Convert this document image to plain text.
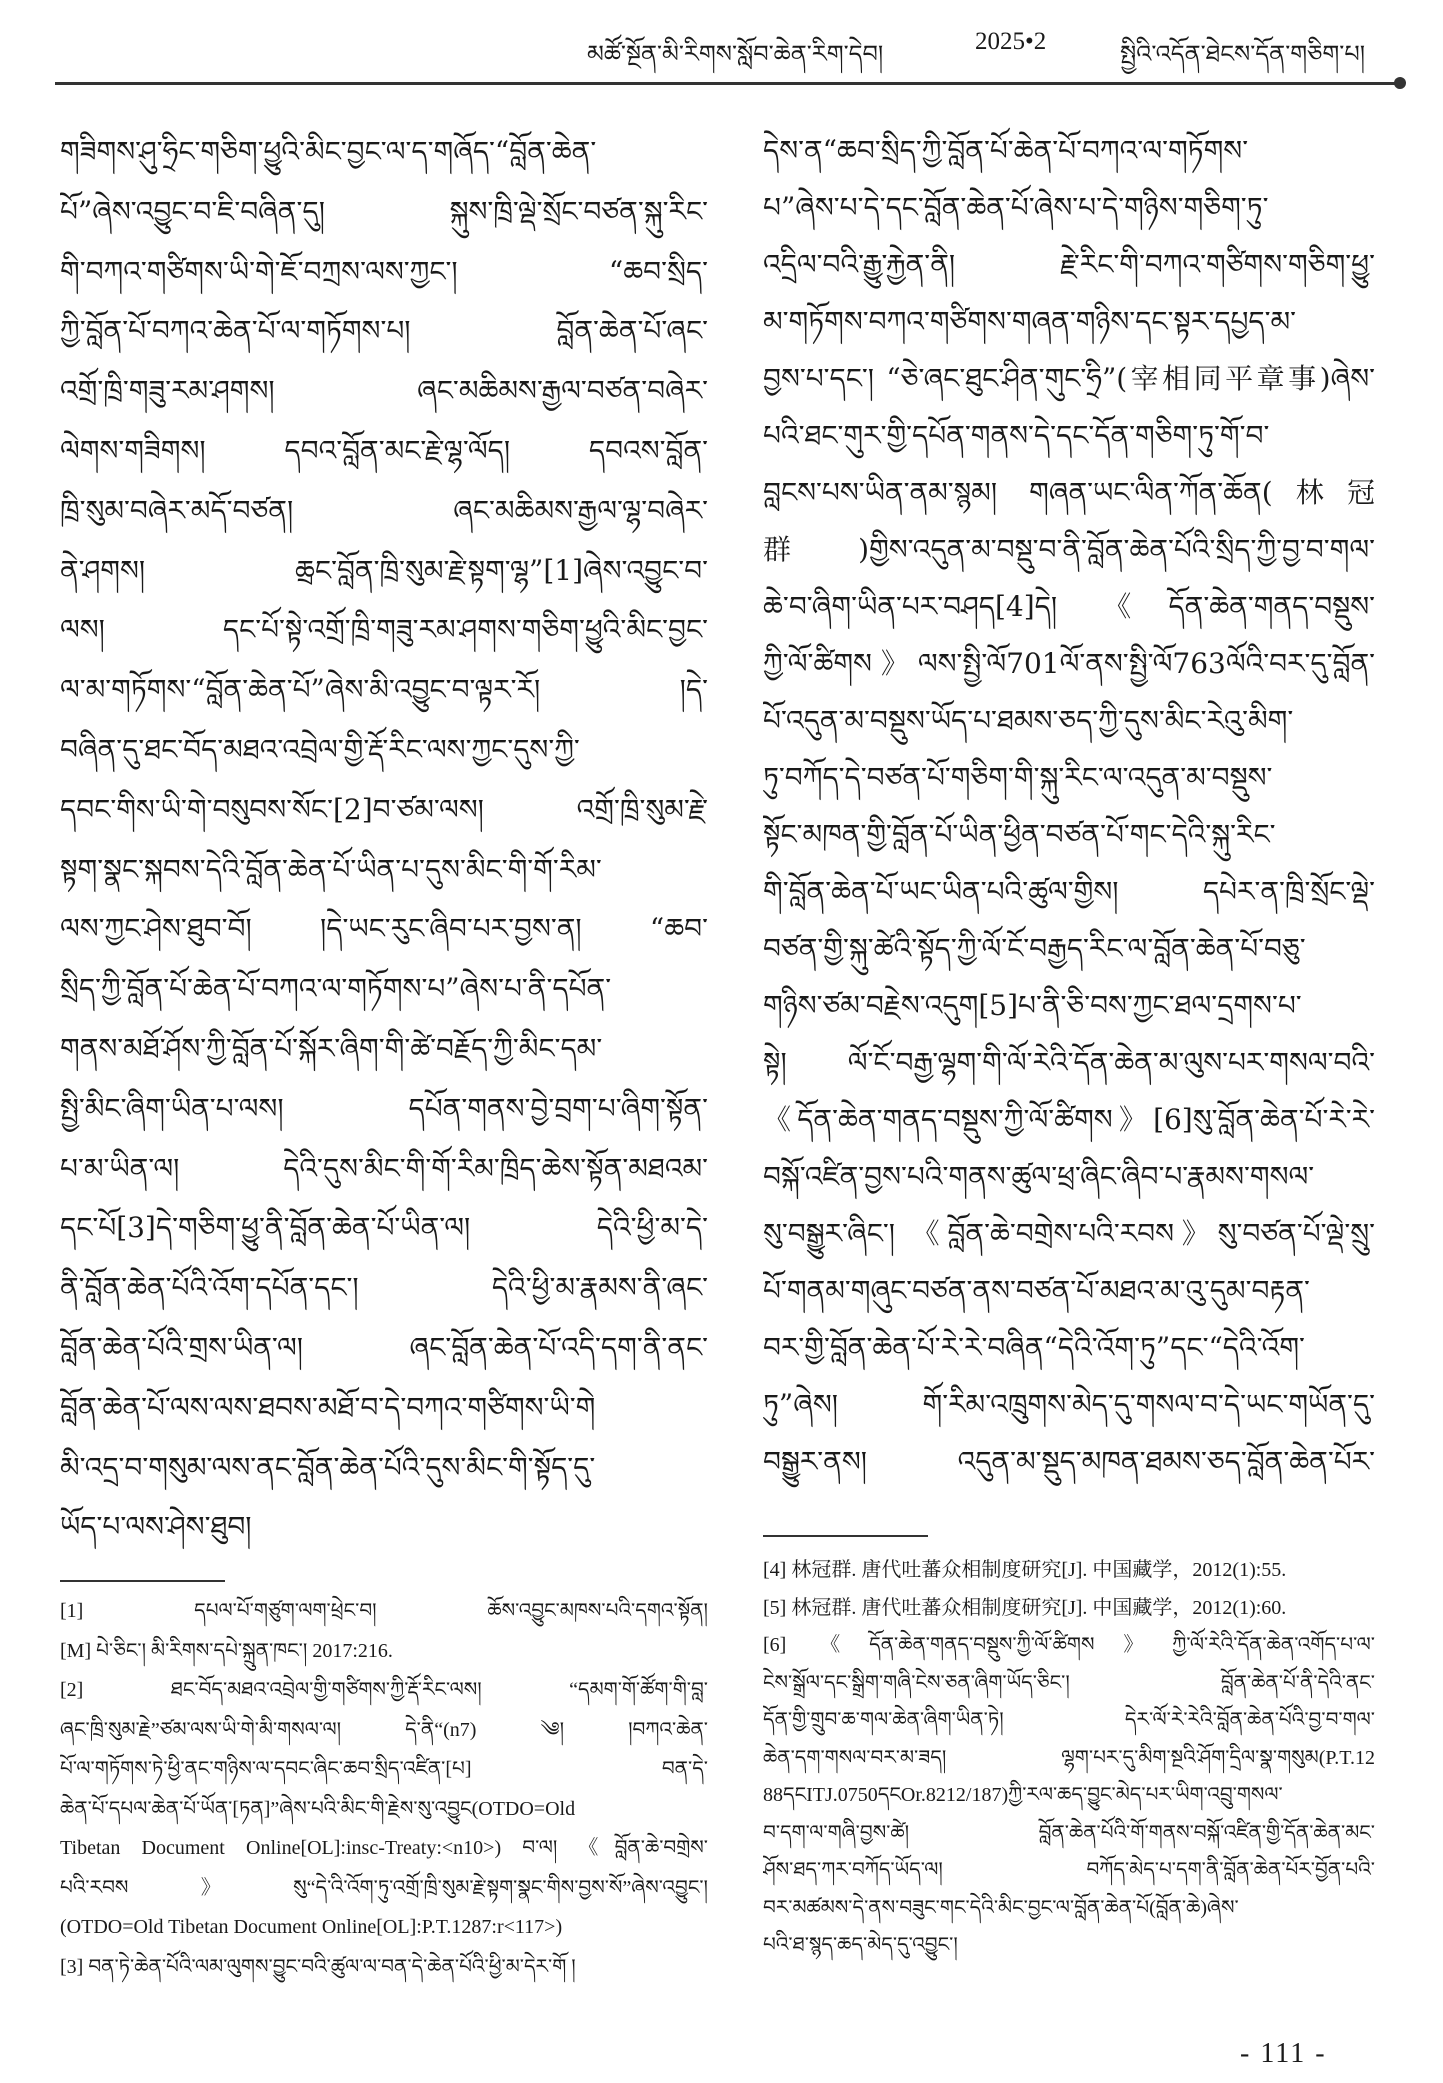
མཚོ་སྔོན་མི་རིགས་སློབ་ཆེན་རིག་དེབ།	2025•2	སྤྱིའི་འདོན་ཐེངས་དོན་གཅིག་པ།
གཟིགས་ཤུ་ཧྲིང་གཅིག་ཕྱུའི་མིང་བྱང་ལ་ད་གཞོད་“བློན་ཆེན་
པོ”ཞེས་འབྱུང་བ་ཇི་བཞིན་དུ། སྐུས་ཁྲི་ལྡེ་སྲོང་བཙན་སྐུ་རིང་
གི་བཀའ་གཙིགས་ཡི་གེ་ཇོ་བཀྲས་ལས་ཀྱང་། “ཆབ་སྲིད་
ཀྱི་བློན་པོ་བཀའ་ཆེན་པོ་ལ་གཏོགས་པ། བློན་ཆེན་པོ་ཞང་
འགྲོ་ཁྲི་གཟུ་རམ་ཤགས། ཞང་མཆིམས་རྒྱལ་བཙན་བཞེར་
ལེགས་གཟིགས། དབའ་བློན་མང་རྗེ་ལྷ་ལོད། དབའས་བློན་
ཁྲི་སུམ་བཞེར་མདོ་བཙན། ཞང་མཆིམས་རྒྱལ་ལྷ་བཞེར་
ནེ་ཤགས། ཆྲང་བློན་ཁྲི་སུམ་རྗེ་སྟག་ལྷ”[1]ཞེས་འབྱུང་བ་
ལས། དང་པོ་སྟེ་འགྲོ་ཁྲི་གཟུ་རམ་ཤགས་གཅིག་ཕྱུའི་མིང་བྱང་
ལ་མ་གཏོགས་“བློན་ཆེན་པོ”ཞེས་མི་འབྱུང་བ་ལྟར་རོ། །དེ་
བཞིན་དུ་ཐང་བོད་མཐའ་འབྲེལ་གྱི་རྡོ་རིང་ལས་ཀྱང་དུས་ཀྱི་
དབང་གིས་ཡི་གེ་བསུབས་སོང་[2]བ་ཙམ་ལས། འགྲོ་ཁྲི་སུམ་རྗེ་
སྟག་སྣང་སྐབས་དེའི་བློན་ཆེན་པོ་ཡིན་པ་དུས་མིང་གི་གོ་རིམ་
ལས་ཀྱང་ཤེས་ཐུབ་བོ། །དེ་ཡང་རུང་ཞིབ་པར་བྱས་ན། “ཆབ་
སྲིད་ཀྱི་བློན་པོ་ཆེན་པོ་བཀའ་ལ་གཏོགས་པ”ཞེས་པ་ནི་དཔོན་
གནས་མཐོ་ཤོས་ཀྱི་བློན་པོ་སྐོར་ཞིག་གི་ཚེ་བརྗོད་ཀྱི་མིང་དམ་
སྤྱི་མིང་ཞིག་ཡིན་པ་ལས། དཔོན་གནས་བྱེ་བྲག་པ་ཞིག་སྟོན་
པ་མ་ཡིན་ལ། དེའི་དུས་མིང་གི་གོ་རིམ་ཁྲིད་ཆེས་སྟོན་མཐའམ་
དང་པོ[3]དེ་གཅིག་ཕྱུ་ནི་བློན་ཆེན་པོ་ཡིན་ལ། དེའི་ཕྱི་མ་དེ་
ནི་བློན་ཆེན་པོའི་འོག་དཔོན་དང་། དེའི་ཕྱི་མ་རྣམས་ནི་ཞང་
བློན་ཆེན་པོའི་གྲས་ཡིན་ལ། ཞང་བློན་ཆེན་པོ་འདི་དག་ནི་ནང་
བློན་ཆེན་པོ་ལས་ལས་ཐབས་མཐོ་བ་དེ་བཀའ་གཙིགས་ཡི་གེ
མི་འདྲ་བ་གསུམ་ལས་ནང་བློན་ཆེན་པོའི་དུས་མིང་གི་སྟོད་དུ་
ཡོད་པ་ལས་ཤེས་ཐུབ།
དེས་ན“ཆབ་སྲིད་ཀྱི་བློན་པོ་ཆེན་པོ་བཀའ་ལ་གཏོགས་
པ”ཞེས་པ་དེ་དང་བློན་ཆེན་པོ་ཞེས་པ་དེ་གཉིས་གཅིག་ཏུ་
འདྲིལ་བའི་རྒྱུ་རྐྱེན་ནི། རྗེ་རིང་གི་བཀའ་གཙིགས་གཅིག་ཕྱུ་
མ་གཏོགས་བཀའ་གཙིགས་གཞན་གཉིས་དང་སྟར་དཔྱད་མ་
བྱས་པ་དང་། “ཅེ་ཞང་ཐུང་ཤིན་གུང་ཧྲི”(宰相同平章事)ཞེས་
པའི་ཐང་གུར་གྱི་དཔོན་གནས་དེ་དང་དོན་གཅིག་ཏུ་གོ་བ་
བླངས་པས་ཡིན་ནམ་སྙམ། གཞན་ཡང་ལིན་ཀོན་ཆོན(林冠
群)གྱིས་འདུན་མ་བསྡུ་བ་ནི་བློན་ཆེན་པོའི་སྲིད་ཀྱི་བྱ་བ་གལ་
ཆེ་བ་ཞིག་ཡིན་པར་བཤད[4]དེ། 《དོན་ཆེན་གནད་བསྡུས་
ཀྱི་ལོ་ཚིགས》ལས་སྤྱི་ལོ701ལོ་ནས་སྤྱི་ལོ763ལོའི་བར་དུ་བློན་
པོ་འདུན་མ་བསྡུས་ཡོད་པ་ཐམས་ཅད་ཀྱི་དུས་མིང་རེའུ་མིག་
ཏུ་བཀོད་དེ་བཙན་པོ་གཅིག་གི་སྐུ་རིང་ལ་འདུན་མ་བསྡུས་
སྟོང་མཁན་གྱི་བློན་པོ་ཡིན་ཕྱིན་བཙན་པོ་གང་དེའི་སྐུ་རིང་
གི་བློན་ཆེན་པོ་ཡང་ཡིན་པའི་ཚུལ་གྱིས། དཔེར་ན་ཁྲི་སྲོང་ལྡེ་
བཙན་གྱི་སྐུ་ཚེའི་སྟོད་ཀྱི་ལོ་ངོ་བརྒྱད་རིང་ལ་བློན་ཆེན་པོ་བཅུ་
གཉིས་ཙམ་བརྗེས་འདུག[5]པ་ནི་ཅི་བས་ཀྱང་ཐལ་དྲགས་པ་
སྟེ། ལོ་ངོ་བརྒྱ་ལྷག་གི་ལོ་རེའི་དོན་ཆེན་མ་ལུས་པར་གསལ་བའི་
《དོན་ཆེན་གནད་བསྡུས་ཀྱི་ལོ་ཚིགས》[6]སུ་བློན་ཆེན་པོ་རེ་རེ་
བསྐོ་འཛིན་བྱས་པའི་གནས་ཚུལ་ཕྲ་ཞིང་ཞིབ་པ་རྣམས་གསལ་
སུ་བསྒྱུར་ཞིང་། 《བློན་ཆེ་བགྲེས་པའི་རབས》སུ་བཙན་པོ་ལྡེ་སྲུ་
པོ་གནམ་གཞུང་བཙན་ནས་བཙན་པོ་མཐའ་མ་འུ་དུམ་བརྟན་
བར་གྱི་བློན་ཆེན་པོ་རེ་རེ་བཞིན“དེའི་འོག་ཏུ”དང་“དེའི་འོག་
ཏུ”ཞེས། གོ་རིམ་འཁྲུགས་མེད་དུ་གསལ་བ་དེ་ཡང་གཡོན་དུ་
བསྒྱུར་ནས། འདུན་མ་སྡུད་མཁན་ཐམས་ཅད་བློན་ཆེན་པོར་
[1] དཔལ་པོ་གཙུག་ལག་ཕྲེང་བ། ཆོས་འབྱུང་མཁས་པའི་དགའ་སྟོན།
[M] པེ་ཅིང་། མི་རིགས་དཔེ་སྐྲུན་ཁང་། 2017:216.
[2] ཐང་བོད་མཐའ་འབྲེལ་གྱི་གཙིགས་ཀྱི་རྡོ་རིང་ལས། “དམག་གོ་ཚོག་གི་བླ་
ཞང་ཁྲི་སུམ་རྗེ”ཙམ་ལས་ཡི་གེ་མི་གསལ་ལ། དེ་ནི“(n7) ༄། །བཀའ་ཆེན་
པོ་ལ་གཏོགས་ཏེ་ཕྱི་ནང་གཉིས་ལ་དབང་ཞིང་ཆབ་སྲིད་འཛིན་[པ] བན་དེ་
ཆེན་པོ་དཔལ་ཆེན་པོ་ཡོན་[ཏན]”ཞེས་པའི་མིང་གི་རྗེས་སུ་འབྱུང(OTDO=Old
Tibetan Document Online[OL]:insc-Treaty:<n10>) བ་ལ། 《བློན་ཆེ་བགྲེས་
པའི་རབས》སུ“དེ་འི་འོག་ཏུ་འགྲོ་ཁྲི་སུམ་རྗེ་སྟག་སྣང་གིས་བྱས་སོ”ཞེས་འབྱུང་།
(OTDO=Old Tibetan Document Online[OL]:P.T.1287:r<117>)
[3] བན་ཏེ་ཆེན་པོའི་ལམ་ལུགས་བྱུང་བའི་ཚུལ་ལ་བན་དེ་ཆེན་པོའི་ཕྱི་མ་དེར་གོ །
[4] 林冠群. 唐代吐蕃众相制度研究[J]. 中国藏学，2012(1):55.
[5] 林冠群. 唐代吐蕃众相制度研究[J]. 中国藏学，2012(1):60.
[6] 《དོན་ཆེན་གནད་བསྡུས་ཀྱི་ལོ་ཚིགས》ཀྱི་ལོ་རེའི་དོན་ཆེན་འགོད་པ་ལ་
ངེས་སྒྲོལ་དང་སྒྲིག་གཞི་ངེས་ཅན་ཞིག་ཡོད་ཅིང་། བློན་ཆེན་པོ་ནི་དེའི་ནང་
དོན་གྱི་གྲུབ་ཆ་གལ་ཆེན་ཞིག་ཡིན་ཏེ། དེར་ལོ་རེ་རེའི་བློན་ཆེན་པོའི་བྱ་བ་གལ་
ཆེན་དག་གསལ་བར་མ་ཟད། ལྷག་པར་དུ་མིག་སྔའི་ཤོག་དྲིལ་སྣ་གསུམ(P.T.12
88དངITJ.0750དངOr.8212/187)ཀྱི་རལ་ཆད་བྱུང་མེད་པར་ཡིག་འབྲུ་གསལ་
བ་དག་ལ་གཞི་བྱས་ཚེ། བློན་ཆེན་པོའི་གོ་གནས་བསྐོ་འཛིན་གྱི་དོན་ཆེན་མང་
ཤོས་ཐད་ཀར་བཀོད་ཡོད་ལ། བཀོད་མེད་པ་དག་ནི་བློན་ཆེན་པོར་བྱོན་པའི་
བར་མཚམས་དེ་ནས་བཟུང་གང་དེའི་མིང་བྱང་ལ་བློན་ཆེན་པོ(བློན་ཆེ)ཞེས་
པའི་ཐ་སྙད་ཆད་མེད་དུ་འབྱུང་།
- 111 -
